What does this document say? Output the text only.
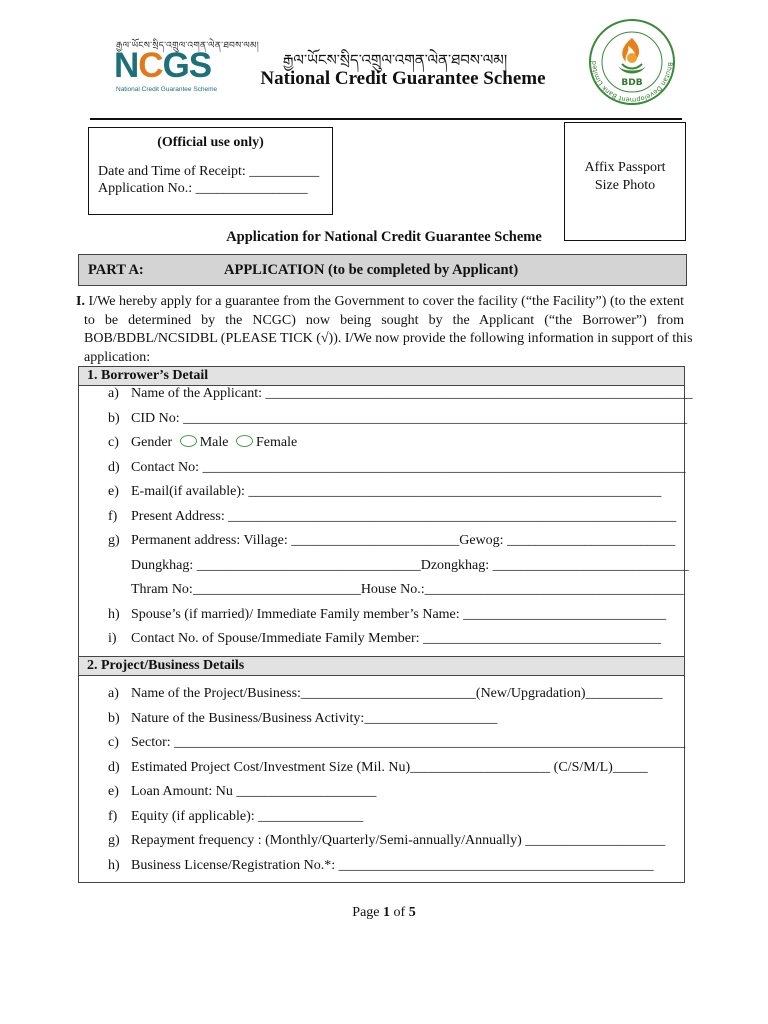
རྒྱལ་ཡོངས་སྲིད་འགྲུལ་འགན་ལེན་ཐབས་ལམ།
NCGS
National Credit Guarantee Scheme
རྒྱལ་ཡོངས་སྲིད་འགྲུལ་འགན་ལེན་ཐབས་ལམ།
National Credit Guarantee Scheme
Bhutan Development Bank Limited
BDB
(Official use only)
Date and Time of Receipt: __________
Application No.: ________________
Affix Passport
Size Photo
Application for National Credit Guarantee Scheme
PART A:	APPLICATION (to be completed by Applicant)
I. I/We hereby apply for a guarantee from the Government to cover the facility (“the Facility”) (to the extent
to be determined by the NCGC) now being sought by the Applicant (“the Borrower”) from
BOB/BDBL/NCSIDBL (PLEASE TICK (√)). I/We now provide the following information in support of this
application:
1. Borrower’s Detail
a) Name of the Applicant: _____________________________________________________________
b) CID No: ________________________________________________________________________
c) Gender Male Female
d) Contact No: _____________________________________________________________________
e) E-mail(if available): ___________________________________________________________
f) Present Address: ________________________________________________________________
g) Permanent address: Village: ________________________Gewog: ________________________
Dungkhag: ________________________________Dzongkhag: ____________________________
Thram No:________________________House No.:_____________________________________
h) Spouse’s (if married)/ Immediate Family member’s Name: _____________________________
i)	Contact No. of Spouse/Immediate Family Member: __________________________________
2. Project/Business Details
a) Name of the Project/Business:_________________________(New/Upgradation)___________
b) Nature of the Business/Business Activity:___________________
c) Sector: _________________________________________________________________________
d) Estimated Project Cost/Investment Size (Mil. Nu)____________________ (C/S/M/L)_____
e) Loan Amount: Nu ____________________
f) Equity (if applicable): _______________
g) Repayment frequency : (Monthly/Quarterly/Semi-annually/Annually) ____________________
h) Business License/Registration No.*: _____________________________________________
Page 1 of 5
